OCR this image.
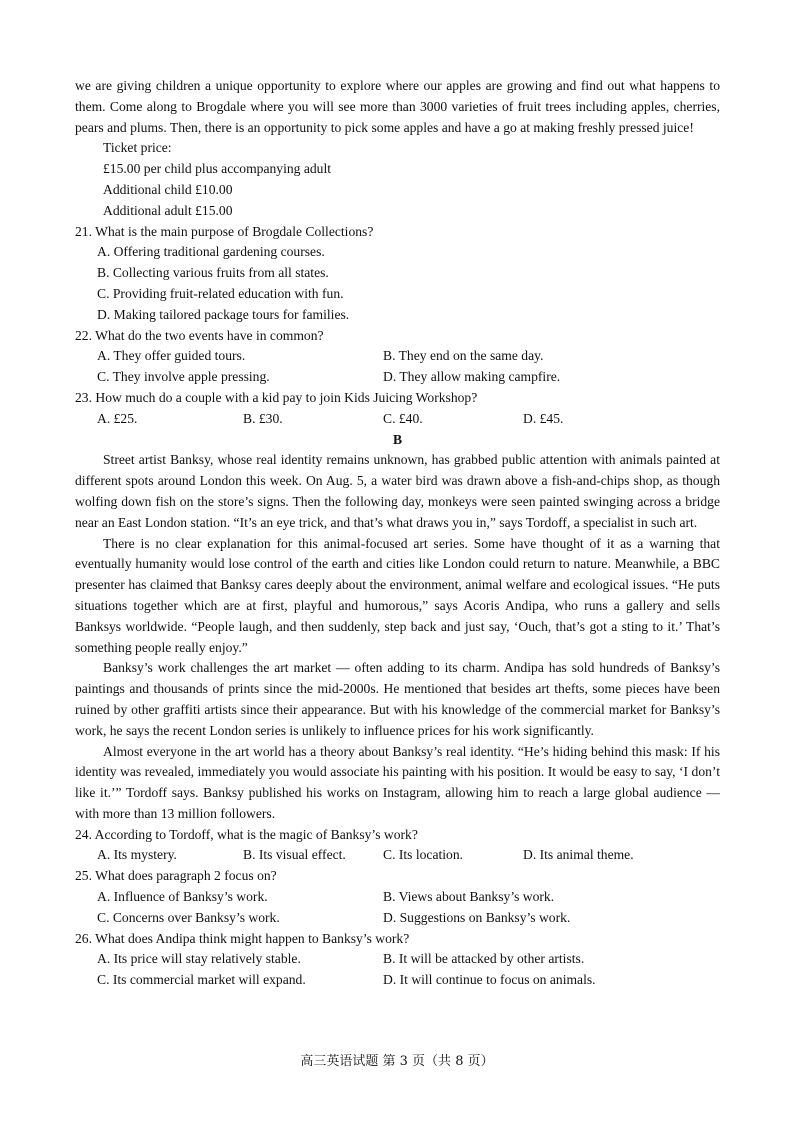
we are giving children a unique opportunity to explore where our apples are growing and find out what happens to them. Come along to Brogdale where you will see more than 3000 varieties of fruit trees including apples, cherries, pears and plums. Then, there is an opportunity to pick some apples and have a go at making freshly pressed juice!

Ticket price:
£15.00 per child plus accompanying adult
Additional child £10.00
Additional adult £15.00
21. What is the main purpose of Brogdale Collections?
A. Offering traditional gardening courses.
B. Collecting various fruits from all states.
C. Providing fruit-related education with fun.
D. Making tailored package tours for families.
22. What do the two events have in common?
A. They offer guided tours.	B. They end on the same day.
C. They involve apple pressing.	D. They allow making campfire.
23. How much do a couple with a kid pay to join Kids Juicing Workshop?
A. £25.	B. £30.	C. £40.	D. £45.
B

Street artist Banksy, whose real identity remains unknown, has grabbed public attention with animals painted at different spots around London this week. On Aug. 5, a water bird was drawn above a fish-and-chips shop, as though wolfing down fish on the store’s signs. Then the following day, monkeys were seen painted swinging across a bridge near an East London station. “It’s an eye trick, and that’s what draws you in,” says Tordoff, a specialist in such art.

There is no clear explanation for this animal-focused art series. Some have thought of it as a warning that eventually humanity would lose control of the earth and cities like London could return to nature. Meanwhile, a BBC presenter has claimed that Banksy cares deeply about the environment, animal welfare and ecological issues. “He puts situations together which are at first, playful and humorous,” says Acoris Andipa, who runs a gallery and sells Banksys worldwide. “People laugh, and then suddenly, step back and just say, ‘Ouch, that’s got a sting to it.’ That’s something people really enjoy.”

Banksy’s work challenges the art market — often adding to its charm. Andipa has sold hundreds of Banksy’s paintings and thousands of prints since the mid-2000s. He mentioned that besides art thefts, some pieces have been ruined by other graffiti artists since their appearance. But with his knowledge of the commercial market for Banksy’s work, he says the recent London series is unlikely to influence prices for his work significantly.

Almost everyone in the art world has a theory about Banksy’s real identity. “He’s hiding behind this mask: If his identity was revealed, immediately you would associate his painting with his position. It would be easy to say, ‘I don’t like it.’” Tordoff says. Banksy published his works on Instagram, allowing him to reach a large global audience — with more than 13 million followers.

24. According to Tordoff, what is the magic of Banksy’s work?
A. Its mystery.	B. Its visual effect.	C. Its location.	D. Its animal theme.
25. What does paragraph 2 focus on?
A. Influence of Banksy’s work.	B. Views about Banksy’s work.
C. Concerns over Banksy’s work.	D. Suggestions on Banksy’s work.
26. What does Andipa think might happen to Banksy’s work?
A. Its price will stay relatively stable.	B. It will be attacked by other artists.
C. Its commercial market will expand.	D. It will continue to focus on animals.
高三英语试题 第 3 页（共 8 页）
